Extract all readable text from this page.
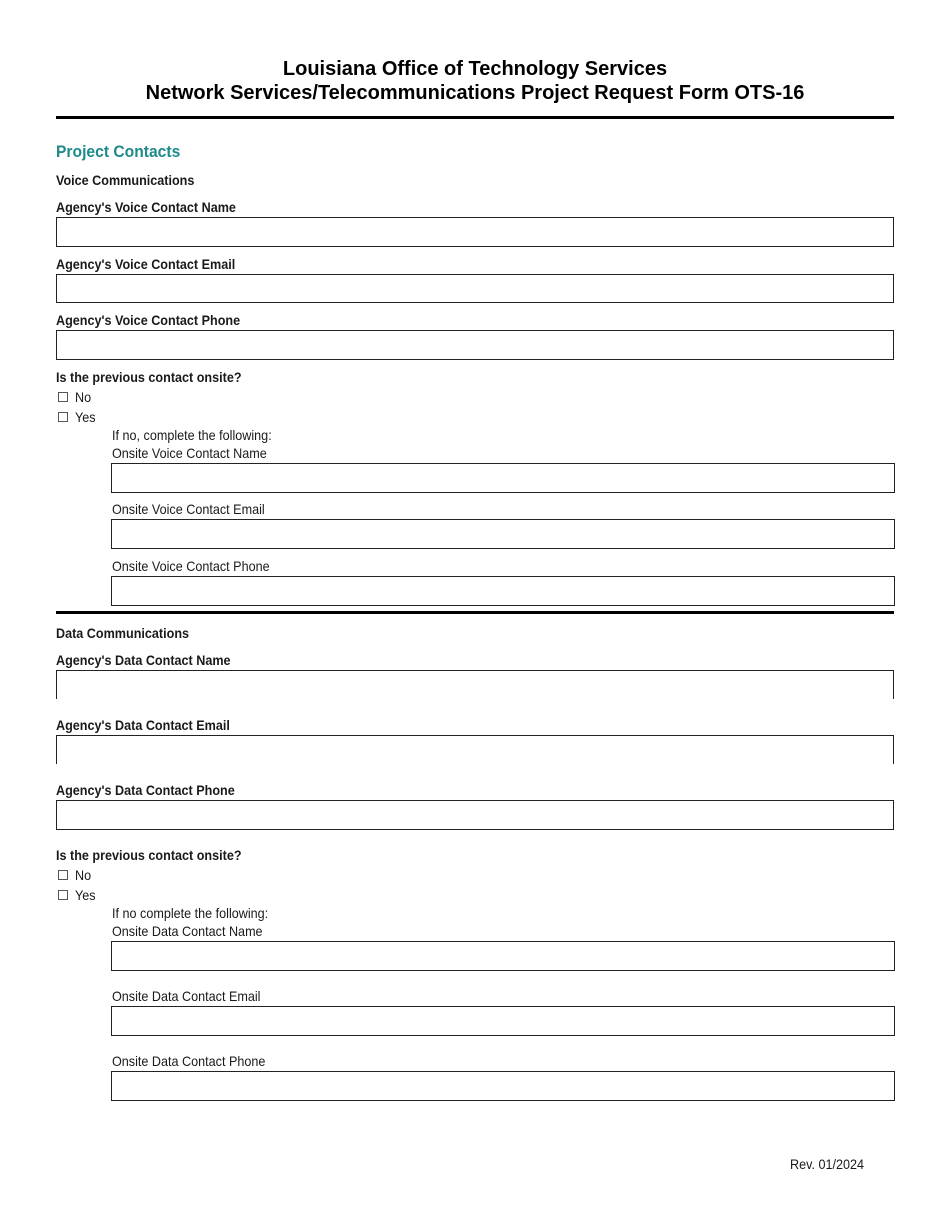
Louisiana Office of Technology Services
Network Services/Telecommunications Project Request Form OTS-16
Project Contacts
Voice Communications
Agency's Voice Contact Name
Agency's Voice Contact Email
Agency's Voice Contact Phone
Is the previous contact onsite?
No
Yes
If no, complete the following:
Onsite Voice Contact Name
Onsite Voice Contact Email
Onsite Voice Contact Phone
Data Communications
Agency's Data Contact Name
Agency's Data Contact Email
Agency's Data Contact Phone
Is the previous contact onsite?
No
Yes
If no complete the following:
Onsite Data Contact Name
Onsite Data Contact Email
Onsite Data Contact Phone
Rev. 01/2024
